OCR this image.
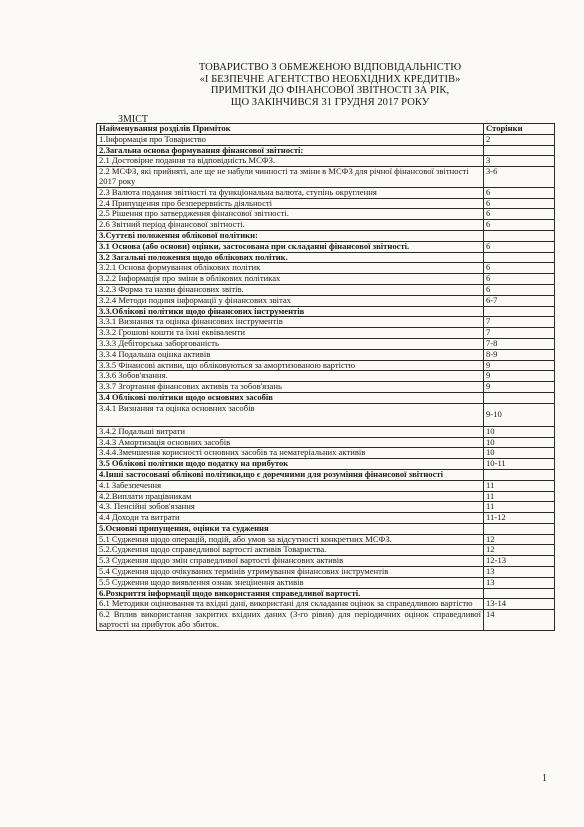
ТОВАРИСТВО З ОБМЕЖЕНОЮ ВІДПОВІДАЛЬНІСТЮ
«І БЕЗПЕЧНЕ АГЕНТСТВО НЕОБХІДНИХ КРЕДИТІВ»
ПРИМІТКИ ДО ФІНАНСОВОЇ ЗВІТНОСТІ ЗА РІК,
ЩО ЗАКІНЧИВСЯ 31 ГРУДНЯ 2017 РОКУ
ЗМІСТ
Найменування розділів Приміток	Сторінки
1.Інформація про Товариство	2
2.Загальна основа формування фінансової звітності:	
2.1 Достовірне подання та відповідність МСФЗ.	3
2.2 МСФЗ, які прийняті, але ще не набули чинності та зміни в МСФЗ для річної фінансової звітності 2017 року	3-6
2.3 Валюта подання звітності та функціональна валюта, ступінь округлення	6
2.4 Припущення про безперервність діяльності	6
2.5 Рішення про затвердження фінансової звітності.	6
2.6 Звітний період фінансової звітності.	6
3.Суттєві положення облікової політики:	
3.1 Основа (або основи) оцінки, застосована при складанні фінансової звітності.	6
3.2 Загальні положення щодо облікових політик.	
3.2.1 Основа формування облікових політик	6
3.2.2 Інформація про зміни в облікових політиках	6
3.2.3 Форма та назви фінансових звітів.	6
3.2.4 Методи подння інформації у фінансових звітах	6-7
3.3.Облікові політики щодо фінансових інструментів	
3.3.1 Визнання та оцінка фінансових інструментів	7
3.3.2 Грошові кошти та їхні еквіваленти	7
3.3.3 Дебіторська заборгованість	7-8
3.3.4 Подальша оцінка активів	8-9
3.3.5 Фінансові активи, що обліковуються за амортизованою вартістю	9
3.3.6 Зобов'язання.	9
3.3.7 Згортання фінансових активів та зобов'язань	9
3.4 Облікові політики щодо основних засобів	
3.4.1 Визнання та оцінка основних засобів	9-10
3.4.2 Подальші витрати	10
3.4.3 Амортизація основних засобів	10
3.4.4.Зменшення корисності основних засобів та нематеріальних активів	10
3.5 Облікові політики щодо податку на прибуток	10-11
4.Інші застосовані облікові політики,що є доречними для розуміння фінансової звітності	
4.1 Забезпечення	11
4.2.Виплати працівникам	11
4.3. Пенсійні зобов'язання	11
4.4 Доходи та витрати	11-12
5.Основні припущення, оцінки та судження	
5.1 Судження щодо операцій, подій, або умов за відсутності конкретних МСФЗ.	12
5.2.Судження щодо справедливої вартості активів Товариства.	12
5.3 Судження щодо змін справедливої вартості фінансових активів	12-13
5.4 Судження щодо очікуваних термінів утримування фінансових інструментів	13
5.5 Судження щодо виявлення ознак знецінення активів	13
6.Розкриття інформації щодо використання справедливої вартості.	
6.1 Методики оцінювання та вхідні дані, використані для складання оцінок за справедливою вартістю	13-14
6.2 Вплив використання закритих вхідних даних (3-го рівня) для періодичних оцінок справедливої вартості на прибуток або збиток.	14
1
